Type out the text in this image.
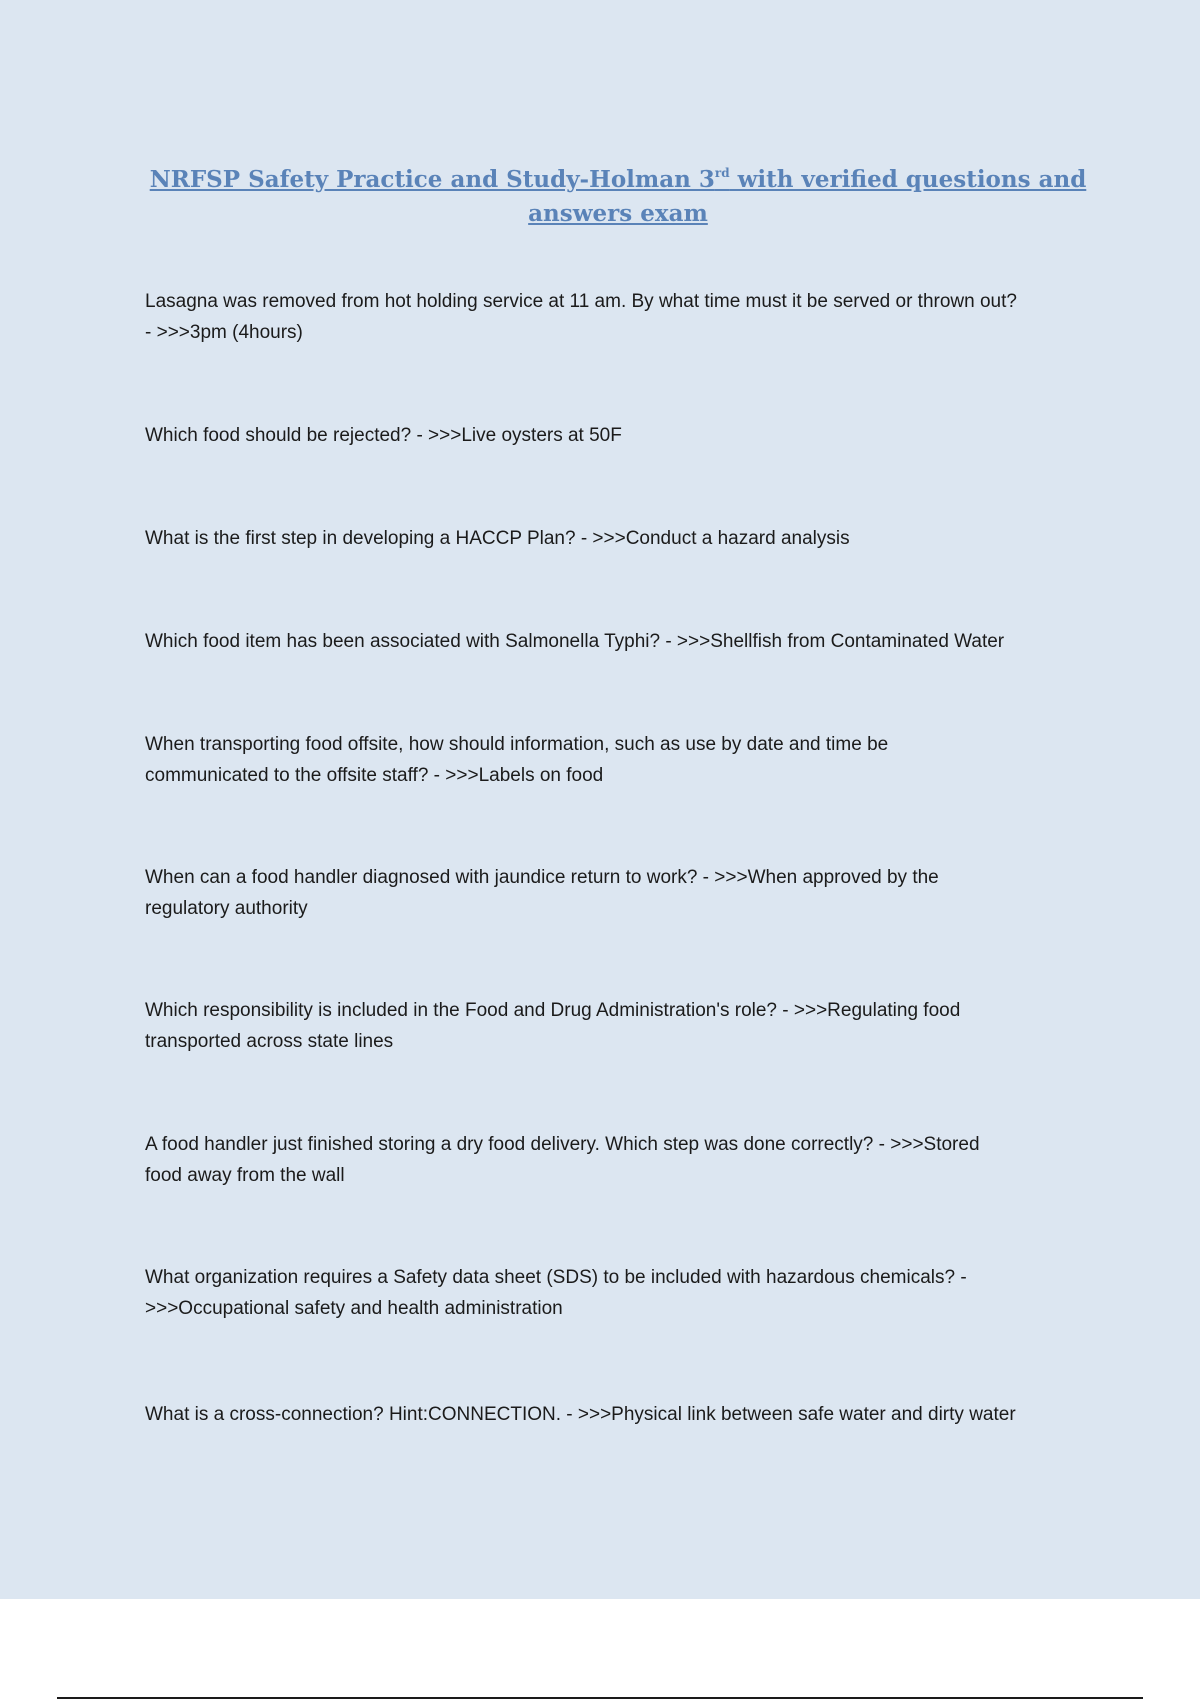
NRFSP Safety Practice and Study-Holman 3rd with verified questions and
answers exam

Lasagna was removed from hot holding service at 11 am. By what time must it be served or thrown out?
- >>>3pm (4hours)

Which food should be rejected? - >>>Live oysters at 50F

What is the first step in developing a HACCP Plan? - >>>Conduct a hazard analysis

Which food item has been associated with Salmonella Typhi? - >>>Shellfish from Contaminated Water

When transporting food offsite, how should information, such as use by date and time be
communicated to the offsite staff? - >>>Labels on food

When can a food handler diagnosed with jaundice return to work? - >>>When approved by the
regulatory authority

Which responsibility is included in the Food and Drug Administration's role? - >>>Regulating food
transported across state lines

A food handler just finished storing a dry food delivery. Which step was done correctly? - >>>Stored
food away from the wall

What organization requires a Safety data sheet (SDS) to be included with hazardous chemicals? -
>>>Occupational safety and health administration

What is a cross-connection? Hint:CONNECTION. - >>>Physical link between safe water and dirty water
